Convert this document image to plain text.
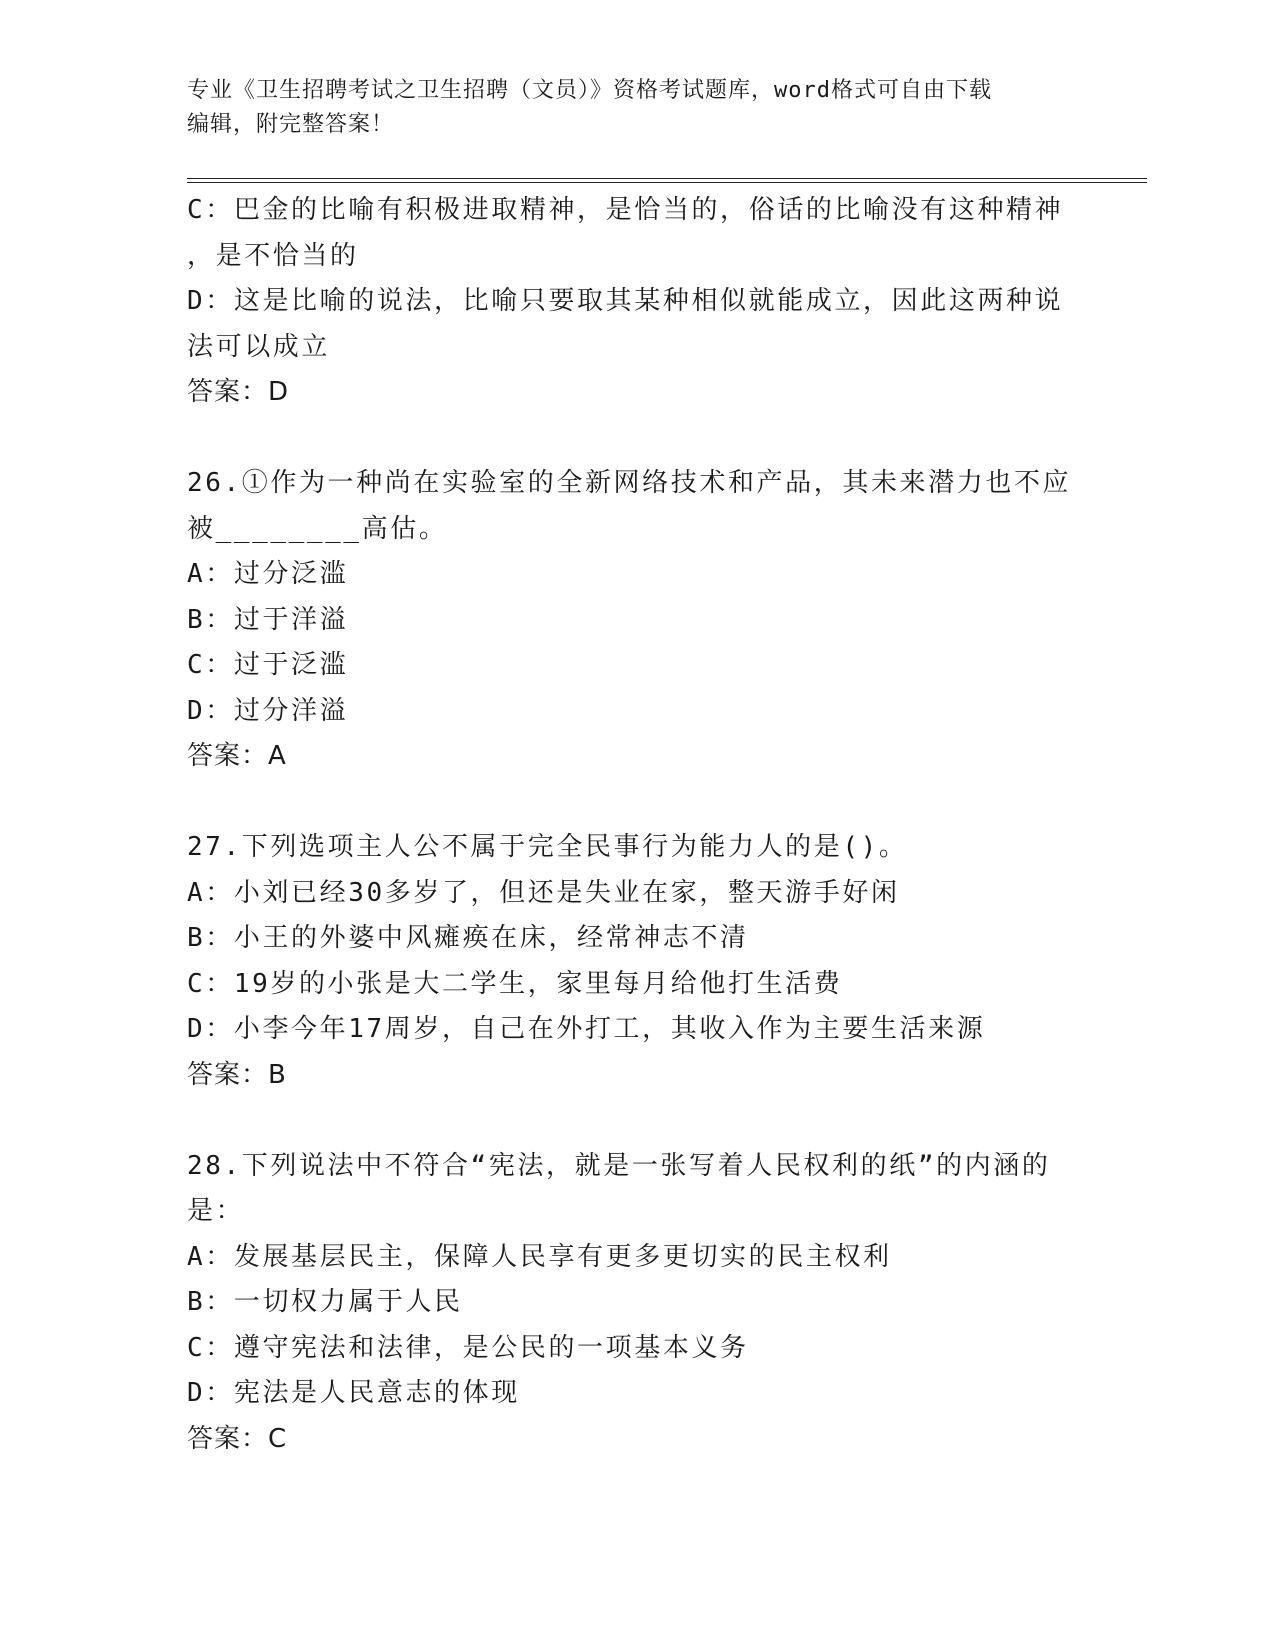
专业《卫生招聘考试之卫生招聘（文员）》资格考试题库，word格式可自由下载
编辑，附完整答案！
C：巴金的比喻有积极进取精神，是恰当的，俗话的比喻没有这种精神
，是不恰当的
D：这是比喻的说法，比喻只要取其某种相似就能成立，因此这两种说
法可以成立
答案：D
26.①作为一种尚在实验室的全新网络技术和产品，其未来潜力也不应
被________高估。
A：过分泛滥
B：过于洋溢
C：过于泛滥
D：过分洋溢
答案：A
27.下列选项主人公不属于完全民事行为能力人的是()。
A：小刘已经30多岁了，但还是失业在家，整天游手好闲
B：小王的外婆中风瘫痪在床，经常神志不清
C：19岁的小张是大二学生，家里每月给他打生活费
D：小李今年17周岁，自己在外打工，其收入作为主要生活来源
答案：B
28.下列说法中不符合“宪法，就是一张写着人民权利的纸”的内涵的
是：
A：发展基层民主，保障人民享有更多更切实的民主权利
B：一切权力属于人民
C：遵守宪法和法律，是公民的一项基本义务
D：宪法是人民意志的体现
答案：C
